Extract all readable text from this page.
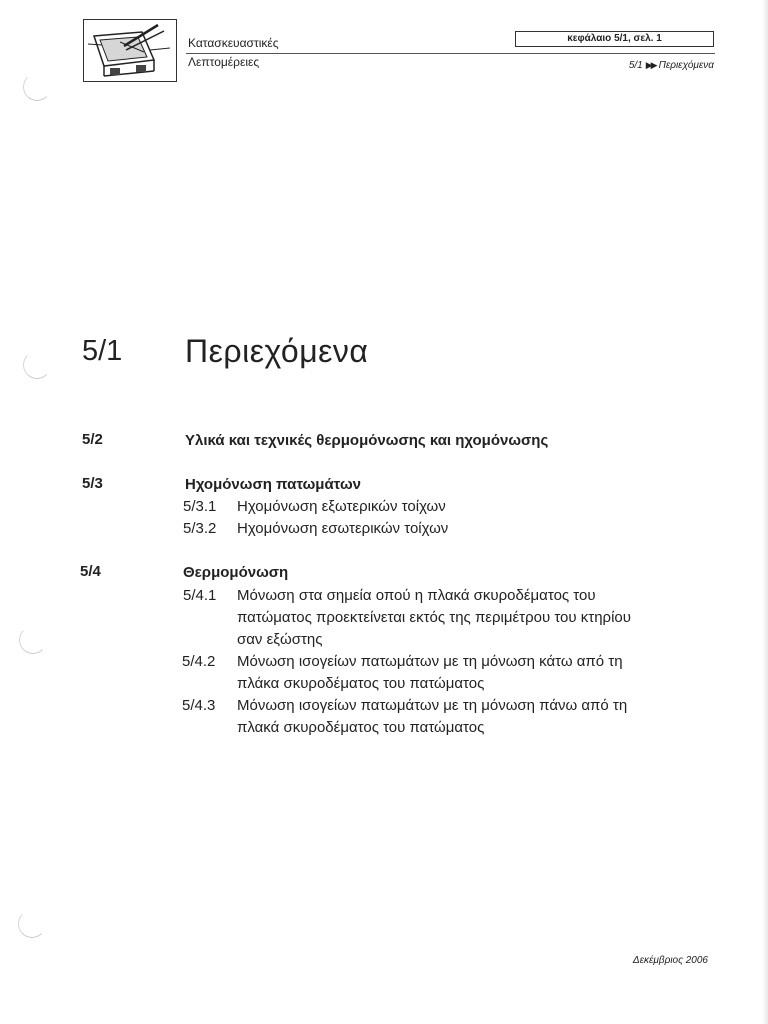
Κατασκευαστικές
Λεπτομέρειες
κεφάλαιο 5/1, σελ. 1
5/1 ▶▶ Περιεχόμενα
5/1 Περιεχόμενα
5/2	Υλικά και τεχνικές θερμομόνωσης και ηχομόνωσης
5/3	Ηχομόνωση πατωμάτων
5/3.1 Ηχομόνωση εξωτερικών τοίχων
5/3.2 Ηχομόνωση εσωτερικών τοίχων
5/4	Θερμομόνωση
5/4.1 Μόνωση στα σημεία οπού η πλακά σκυροδέματος του
πατώματος προεκτείνεται εκτός της περιμέτρου του κτηρίου
σαν εξώστης
5/4.2 Μόνωση ισογείων πατωμάτων με τη μόνωση κάτω από τη
πλάκα σκυροδέματος του πατώματος
5/4.3 Μόνωση ισογείων πατωμάτων με τη μόνωση πάνω από τη
πλακά σκυροδέματος του πατώματος
Δεκέμβριος 2006
